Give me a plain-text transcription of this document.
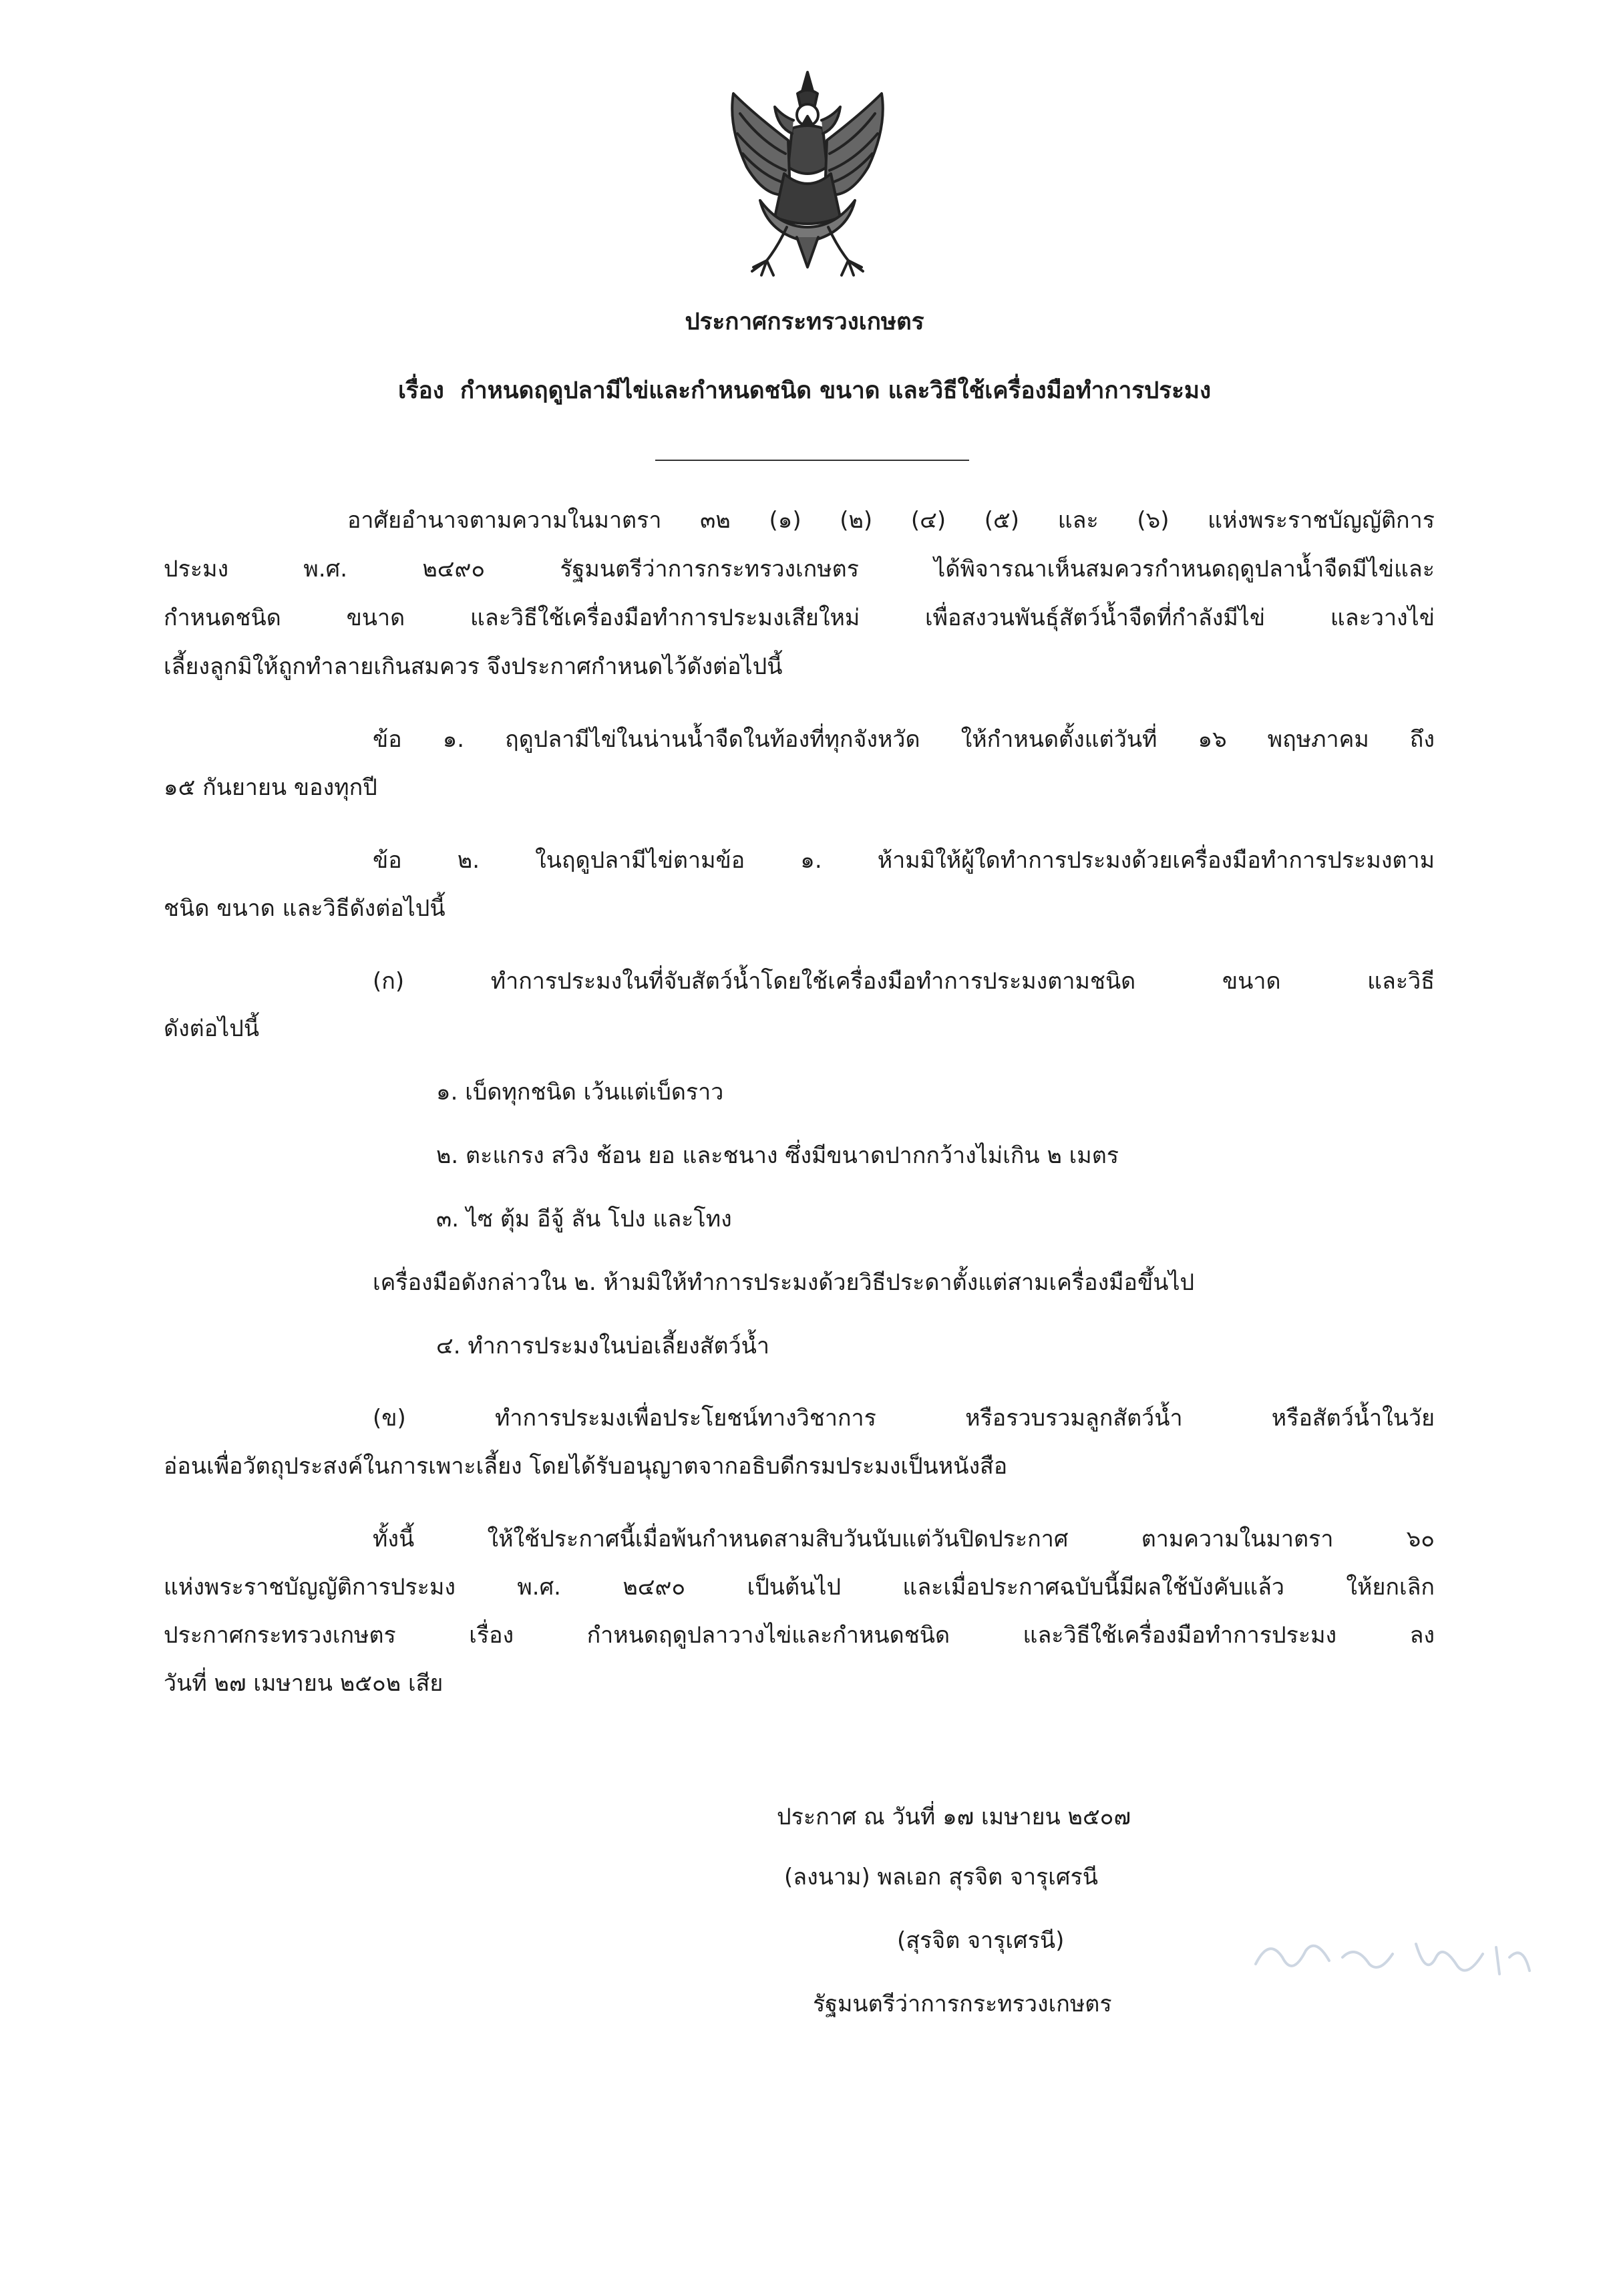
ประกาศกระทรวงเกษตร
เรื่อง กำหนดฤดูปลามีไข่และกำหนดชนิด ขนาด และวิธีใช้เครื่องมือทำการประมง
อาศัยอำนาจตามความในมาตรา ๓๒ (๑) (๒) (๔) (๕) และ (๖) แห่งพระราชบัญญัติการ
ประมง พ.ศ. ๒๔๙๐ รัฐมนตรีว่าการกระทรวงเกษตร ได้พิจารณาเห็นสมควรกำหนดฤดูปลาน้ำจืดมีไข่และ
กำหนดชนิด ขนาด และวิธีใช้เครื่องมือทำการประมงเสียใหม่ เพื่อสงวนพันธุ์สัตว์น้ำจืดที่กำลังมีไข่ และวางไข่
เลี้ยงลูกมิให้ถูกทำลายเกินสมควร จึงประกาศกำหนดไว้ดังต่อไปนี้
ข้อ ๑. ฤดูปลามีไข่ในน่านน้ำจืดในท้องที่ทุกจังหวัด ให้กำหนดตั้งแต่วันที่ ๑๖ พฤษภาคม ถึง
๑๕ กันยายน ของทุกปี
ข้อ ๒. ในฤดูปลามีไข่ตามข้อ ๑. ห้ามมิให้ผู้ใดทำการประมงด้วยเครื่องมือทำการประมงตาม
ชนิด ขนาด และวิธีดังต่อไปนี้
(ก) ทำการประมงในที่จับสัตว์น้ำโดยใช้เครื่องมือทำการประมงตามชนิด ขนาด และวิธี
ดังต่อไปนี้
๑. เบ็ดทุกชนิด เว้นแต่เบ็ดราว
๒. ตะแกรง สวิง ช้อน ยอ และชนาง ซึ่งมีขนาดปากกว้างไม่เกิน ๒ เมตร
๓. ไซ ตุ้ม อีจู้ ลัน โปง และโทง
เครื่องมือดังกล่าวใน ๒. ห้ามมิให้ทำการประมงด้วยวิธีประดาตั้งแต่สามเครื่องมือขึ้นไป
๔. ทำการประมงในบ่อเลี้ยงสัตว์น้ำ
(ข) ทำการประมงเพื่อประโยชน์ทางวิชาการ หรือรวบรวมลูกสัตว์น้ำ หรือสัตว์น้ำในวัย
อ่อนเพื่อวัตถุประสงค์ในการเพาะเลี้ยง โดยได้รับอนุญาตจากอธิบดีกรมประมงเป็นหนังสือ
ทั้งนี้ ให้ใช้ประกาศนี้เมื่อพ้นกำหนดสามสิบวันนับแต่วันปิดประกาศ ตามความในมาตรา ๖๐
แห่งพระราชบัญญัติการประมง พ.ศ. ๒๔๙๐ เป็นต้นไป และเมื่อประกาศฉบับนี้มีผลใช้บังคับแล้ว ให้ยกเลิก
ประกาศกระทรวงเกษตร เรื่อง กำหนดฤดูปลาวางไข่และกำหนดชนิด และวิธีใช้เครื่องมือทำการประมง ลง
วันที่ ๒๗ เมษายน ๒๕๐๒ เสีย
ประกาศ ณ วันที่ ๑๗ เมษายน ๒๕๐๗
(ลงนาม) พลเอก สุรจิต จารุเศรนี
(สุรจิต จารุเศรนี)
รัฐมนตรีว่าการกระทรวงเกษตร
